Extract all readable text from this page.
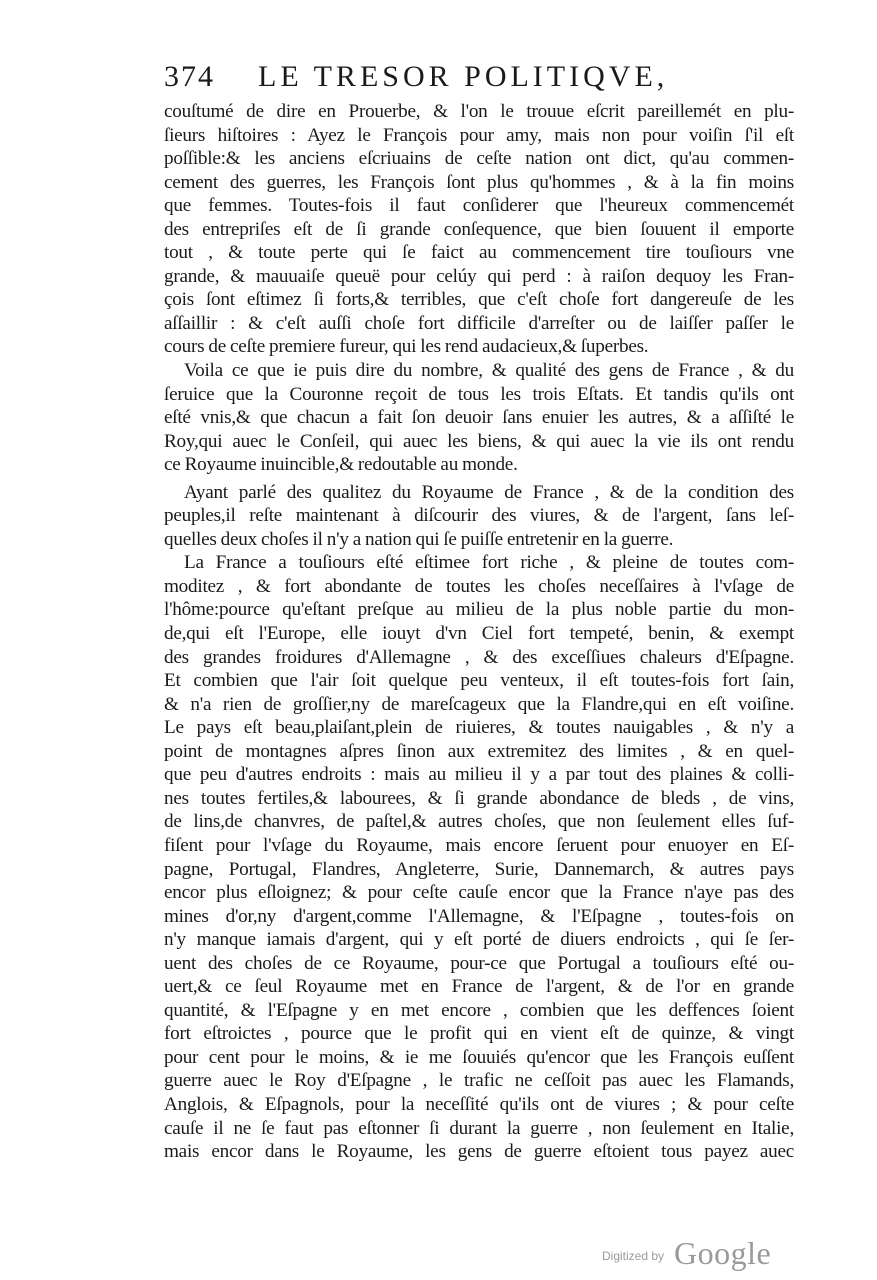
374 LE TRESOR POLITIQVE,
couſtumé de dire en Prouerbe, & l'on le trouue eſcrit pareillemét en plu-
ſieurs hiſtoires : Ayez le François pour amy, mais non pour voiſin ſ'il eſt
poſſible:& les anciens eſcriuains de ceſte nation ont dict, qu'au commen-
cement des guerres, les François ſont plus qu'hommes , & à la fin moins
que femmes. Toutes-fois il faut conſiderer que l'heureux commencemét
des entrepriſes eſt de ſi grande conſequence, que bien ſouuent il emporte
tout , & toute perte qui ſe faict au commencement tire touſiours vne
grande, & mauuaiſe queuë pour celúy qui perd : à raiſon dequoy les Fran-
çois ſont eſtimez ſi forts,& terribles, que c'eſt choſe fort dangereuſe de les
aſſaillir : & c'eſt auſſi choſe fort difficile d'arreſter ou de laiſſer paſſer le
cours de ceſte premiere fureur, qui les rend audacieux,& ſuperbes.
Voila ce que ie puis dire du nombre, & qualité des gens de France , & du
ſeruice que la Couronne reçoit de tous les trois Eſtats. Et tandis qu'ils ont
eſté vnis,& que chacun a fait ſon deuoir ſans enuier les autres, & a aſſiſté le
Roy,qui auec le Conſeil, qui auec les biens, & qui auec la vie ils ont rendu
ce Royaume inuincible,& redoutable au monde.
Ayant parlé des qualitez du Royaume de France , & de la condition des
peuples,il reſte maintenant à diſcourir des viures, & de l'argent, ſans leſ-
quelles deux choſes il n'y a nation qui ſe puiſſe entretenir en la guerre.
La France a touſiours eſté eſtimee fort riche , & pleine de toutes com-
moditez , & fort abondante de toutes les choſes neceſſaires à l'vſage de
l'hôme:pource qu'eſtant preſque au milieu de la plus noble partie du mon-
de,qui eſt l'Europe, elle iouyt d'vn Ciel fort tempeté, benin, & exempt
des grandes froidures d'Allemagne , & des exceſſiues chaleurs d'Eſpagne.
Et combien que l'air ſoit quelque peu venteux, il eſt toutes-fois fort ſain,
& n'a rien de groſſier,ny de mareſcageux que la Flandre,qui en eſt voiſine.
Le pays eſt beau,plaiſant,plein de riuieres, & toutes nauigables , & n'y a
point de montagnes aſpres ſinon aux extremitez des limites , & en quel-
que peu d'autres endroits : mais au milieu il y a par tout des plaines & colli-
nes toutes fertiles,& labourees, & ſi grande abondance de bleds , de vins,
de lins,de chanvres, de paſtel,& autres choſes, que non ſeulement elles ſuf-
fiſent pour l'vſage du Royaume, mais encore ſeruent pour enuoyer en Eſ-
pagne, Portugal, Flandres, Angleterre, Surie, Dannemarch, & autres pays
encor plus eſloignez; & pour ceſte cauſe encor que la France n'aye pas des
mines d'or,ny d'argent,comme l'Allemagne, & l'Eſpagne , toutes-fois on
n'y manque iamais d'argent, qui y eſt porté de diuers endroicts , qui ſe ſer-
uent des choſes de ce Royaume, pour-ce que Portugal a touſiours eſté ou-
uert,& ce ſeul Royaume met en France de l'argent, & de l'or en grande
quantité, & l'Eſpagne y en met encore , combien que les deffences ſoient
fort eſtroictes , pource que le profit qui en vient eſt de quinze, & vingt
pour cent pour le moins, & ie me ſouuiés qu'encor que les François euſſent
guerre auec le Roy d'Eſpagne , le trafic ne ceſſoit pas auec les Flamands,
Anglois, & Eſpagnols, pour la neceſſité qu'ils ont de viures ; & pour ceſte
cauſe il ne ſe faut pas eſtonner ſi durant la guerre , non ſeulement en Italie,
mais encor dans le Royaume, les gens de guerre eſtoient tous payez auec
Digitized by Google
